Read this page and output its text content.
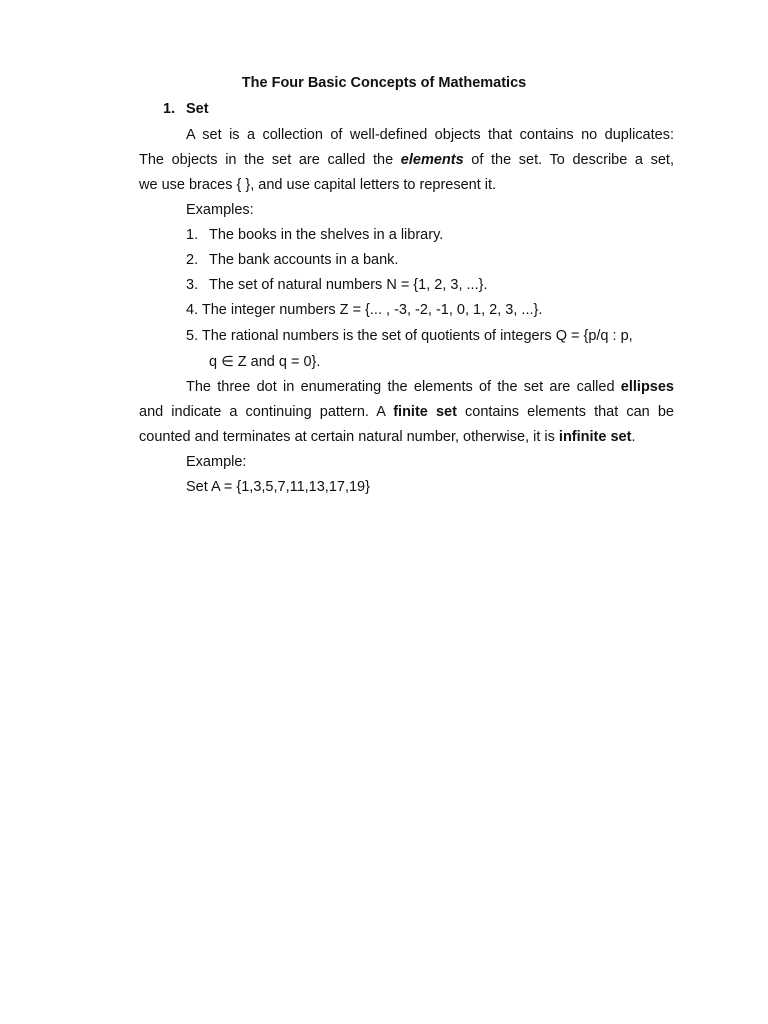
The Four Basic Concepts of Mathematics
1. Set
A set is a collection of well-defined objects that contains no duplicates:
The objects in the set are called the elements of the set. To describe a set,
we use braces { }, and use capital letters to represent it.
Examples:
1. The books in the shelves in a library.
2. The bank accounts in a bank.
3. The set of natural numbers N = {1, 2, 3, ...}.
4. The integer numbers Z = {... , -3, -2, -1, 0, 1, 2, 3, ...}.
5. The rational numbers is the set of quotients of integers Q = {p/q : p,
q ∈ Z and q = 0}.
The three dot in enumerating the elements of the set are called ellipses
and indicate a continuing pattern. A finite set contains elements that can be
counted and terminates at certain natural number, otherwise, it is infinite set.
Example:
Set A = {1,3,5,7,11,13,17,19}
